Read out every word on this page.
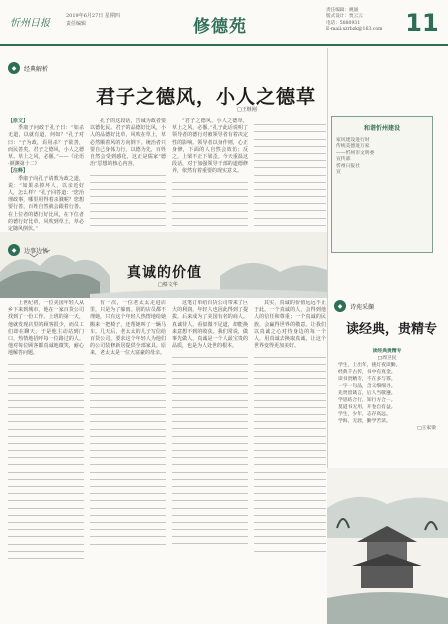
忻州日报
2019年6月27日 星期四
责任编辑	修德苑
责任编辑：姚涌
版式设计：贾云云
电话：5880931
E-mail:xzrbzk@163.com 11
◆	经典解析
君子之德风，小人之德草
□王继刚

【原文】

季康子问政于孔子曰：“如杀无道，以就有道，何如？”孔子对曰：“子为政，焉用杀？子欲善，而民善矣。君子之德风，小人之德草。草上之风，必偃。”——《论语·颜渊第十二》

【注释】

季康子向孔子请教为政之道，说：“如果杀掉坏人，以亲近好人，怎么样？”孔子回答道：“您治理政事，哪里用得着杀戮呢？您想要行善，百姓自然就会跟着行善。在上位者的德行好比风，在下位者的德行好比草，风吹到草上，草必定随风倒伏。”

孔子的这段话，告诫为政者要以德化民。君子的品德好比风，小人的品德好比草，风吹在草上，草必然顺着风的方向倒下。统治者只要自己身体力行，以德为先，百姓自然会受到感化，这正是儒家“德治”思想的核心内容。

“君子之德风，小人之德草，草上之风，必偃。”孔子此话说明了领导者的德行对被领导者有着决定性的影响。领导者以身作则，心正身修，下面的人自然会效仿；反之，上梁不正下梁歪。今天重温这段话，对于加强领导干部的道德修养，依然有着重要的现实意义。

和谐忻州建设
家风建设进行时
传统美德进万家
——忻州市文明委
宣传部
忻州日报社
宣
◆	边事边悟
真诚的价值
□蔡文华

上世纪初，一位美国年轻人从乡下来到城市，他在一家百货公司找到了一份工作。上班的第一天，他就发现店里的顾客很少，而员工们却在聊天，于是他主动站到门口，热情地招呼每一位路过的人。他对每位顾客都真诚地微笑，耐心地解答问题。

有一次，一位老太太走进店里，只是为了躲雨。别的店员都不理她，只有这个年轻人热情地给她搬来一把椅子，还帮她叫了一辆马车。几天后，老太太的儿子写信给百货公司，要求这个年轻人为他们的公司装修新居提供全部家具。原来，老太太是一位大富豪的母亲。

这笔订单给百货公司带来了巨大的利润，年轻人也因此得到了提拔，后来成为了美国有名的商人。真诚待人，看似微不足道，却能换来意想不到的收获。我们常说，做事先做人，真诚是一个人最宝贵的品质，也是为人处世的根本。

其实，真诚的价值远远不止于此。一个真诚的人，会得到他人的信任和尊重；一个真诚的民族，会赢得世界的敬意。让我们以真诚之心对待身边的每一个人，用真诚去换取真诚，让这个世界变得更加美好。

◆	诗苑采撷
读经典，贵精专
读经典贵精专
□周卫民
学生，上出年，挑灯夜读勤。
经典千古传，书中有真金。
读书贵精专，不在多与寡。
一字一句品，含义细细寻。
先贤留箴言，后人当敬遵。
学思结合行，知行方合一。
莫道书无用，开卷自有益。
学生，少年，志存高远。
学海，无涯，勤学苦读。
□王家梁
